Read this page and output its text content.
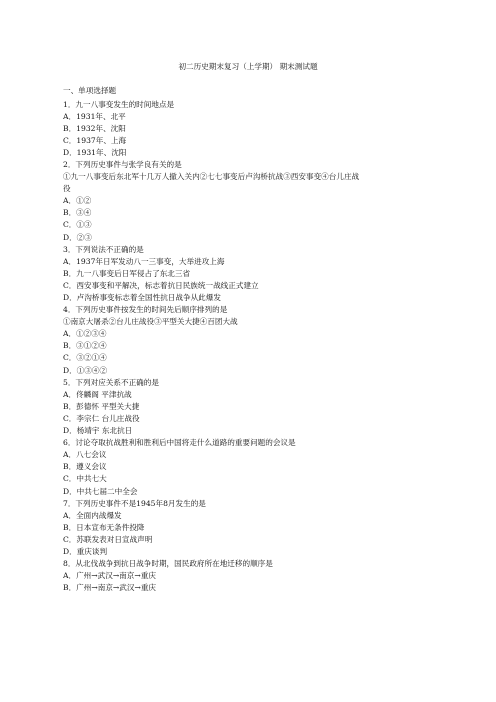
初二历史期末复习（上学期） 期末测试题
一、单项选择题
1．九一八事变发生的时间地点是
A．1931年、北平
B．1932年、沈阳
C．1937年、上海
D．1931年、沈阳
2．下列历史事件与张学良有关的是
①九一八事变后东北军十几万人撤入关内②七七事变后卢沟桥抗战③西安事变④台儿庄战
役
A．①②
B．③④
C．①③
D．②③
3．下列说法不正确的是
A．1937年日军发动八一三事变，大举进攻上海
B．九一八事变后日军侵占了东北三省
C．西安事变和平解决，标志着抗日民族统一战线正式建立
D．卢沟桥事变标志着全国性抗日战争从此爆发
4．下列历史事件按发生的时间先后顺序排列的是
①南京大屠杀②台儿庄战役③平型关大捷④百团大战
A．①②③④
B．③①②④
C．③②①④
D．①③④②
5．下列对应关系不正确的是
A．佟麟阁 平津抗战
B．彭德怀 平型关大捷
C．李宗仁 台儿庄战役
D．杨靖宇 东北抗日
6．讨论夺取抗战胜利和胜利后中国将走什么道路的重要问题的会议是
A．八七会议
B．遵义会议
C．中共七大
D．中共七届二中全会
7．下列历史事件不是1945年8月发生的是
A．全面内战爆发
B．日本宣布无条件投降
C．苏联发表对日宣战声明
D．重庆谈判
8．从北伐战争到抗日战争时期，国民政府所在地迁移的顺序是
A．广州→武汉→南京→重庆
B．广州→南京→武汉→重庆
